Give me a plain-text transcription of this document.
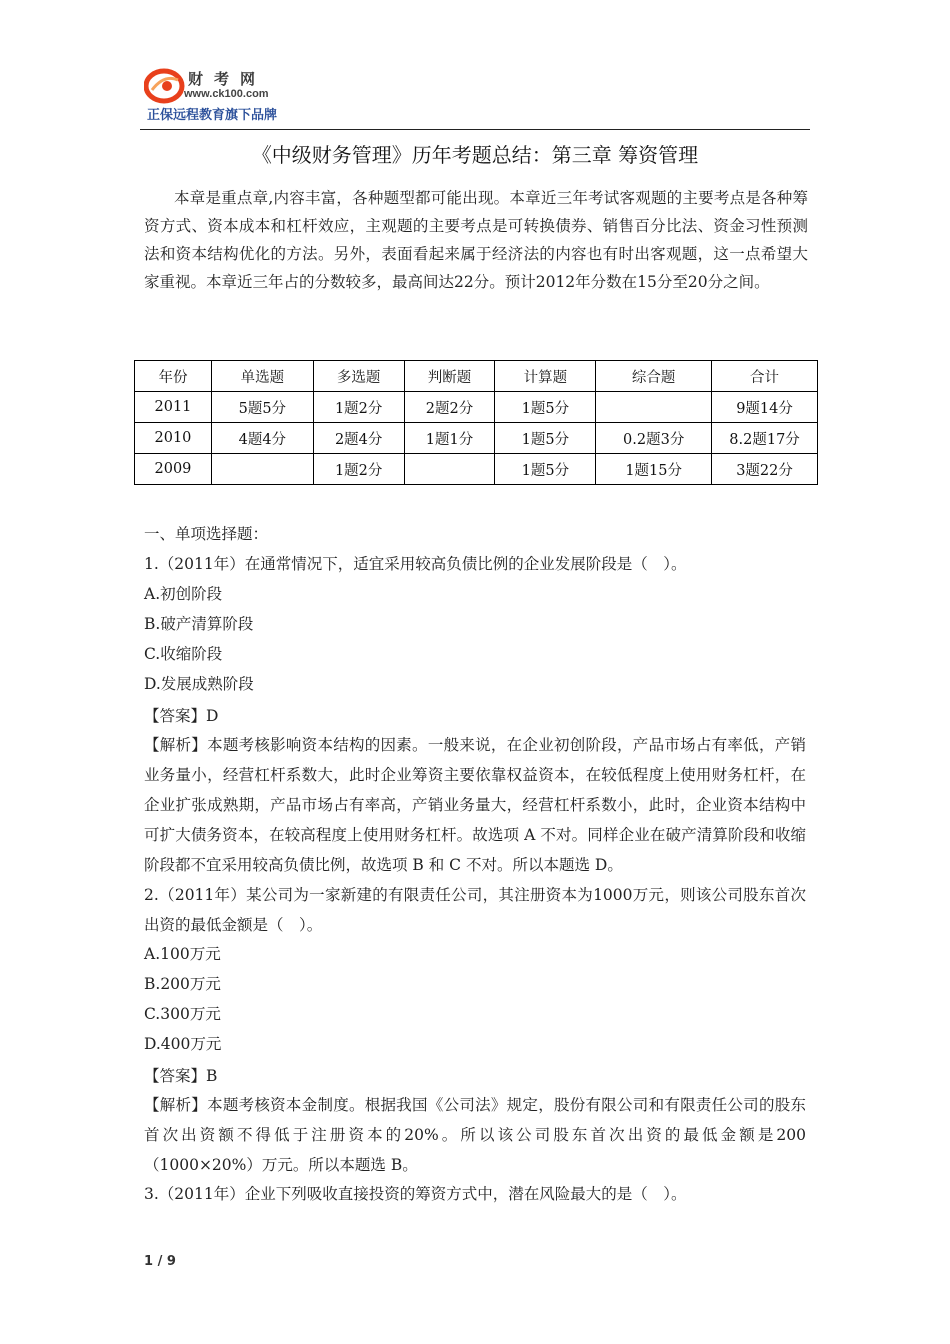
财考网
www.ck100.com
正保远程教育旗下品牌
《中级财务管理》历年考题总结：第三章 筹资管理

本章是重点章,内容丰富，各种题型都可能出现。本章近三年考试客观题的主要考点是各种筹资方式、资本成本和杠杆效应，主观题的主要考点是可转换债券、销售百分比法、资金习性预测法和资本结构优化的方法。另外，表面看起来属于经济法的内容也有时出客观题，这一点希望大家重视。本章近三年占的分数较多，最高间达22分。预计2012年分数在15分至20分之间。

年份	单选题	多选题	判断题	计算题	综合题	合计
2011	5题5分	1题2分	2题2分	1题5分		9题14分
2010	4题4分	2题4分	1题1分	1题5分	0.2题3分	8.2题17分
2009		1题2分		1题5分	1题15分	3题22分
一、单项选择题：
1.（2011年）在通常情况下，适宜采用较高负债比例的企业发展阶段是（　）。
A.初创阶段
B.破产清算阶段
C.收缩阶段
D.发展成熟阶段
【答案】D

【解析】本题考核影响资本结构的因素。一般来说，在企业初创阶段，产品市场占有率低，产销业务量小，经营杠杆系数大，此时企业筹资主要依靠权益资本，在较低程度上使用财务杠杆，在企业扩张成熟期，产品市场占有率高，产销业务量大，经营杠杆系数小，此时，企业资本结构中可扩大债务资本，在较高程度上使用财务杠杆。故选项 A 不对。同样企业在破产清算阶段和收缩阶段都不宜采用较高负债比例，故选项 B 和 C 不对。所以本题选 D。

2.（2011年）某公司为一家新建的有限责任公司，其注册资本为1000万元，则该公司股东首次出资的最低金额是（　）。

A.100万元
B.200万元
C.300万元
D.400万元
【答案】B

【解析】本题考核资本金制度。根据我国《公司法》规定，股份有限公司和有限责任公司的股东首次出资额不得低于注册资本的20%。所以该公司股东首次出资的最低金额是200（1000×20%）万元。所以本题选 B。

3.（2011年）企业下列吸收直接投资的筹资方式中，潜在风险最大的是（　）。
1 / 9
